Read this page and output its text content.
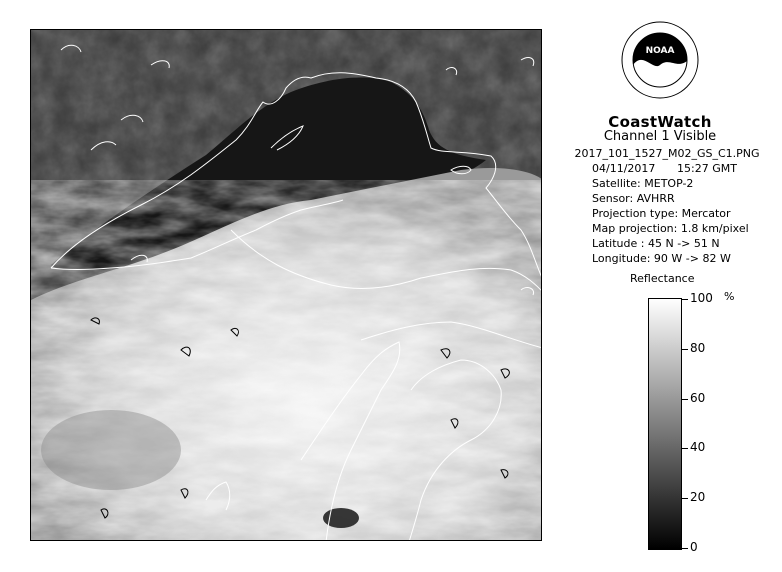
NOAA
CoastWatch
Channel 1 Visible
2017_101_1527_M02_GS_C1.PNG
04/11/2017 15:27 GMT
Satellite: METOP-2
Sensor: AVHRR
Projection type: Mercator
Map projection: 1.8 km/pixel
Latitude : 45 N -> 51 N
Longitude: 90 W -> 82 W
Reflectance
%
100
80
60
40
20
0
